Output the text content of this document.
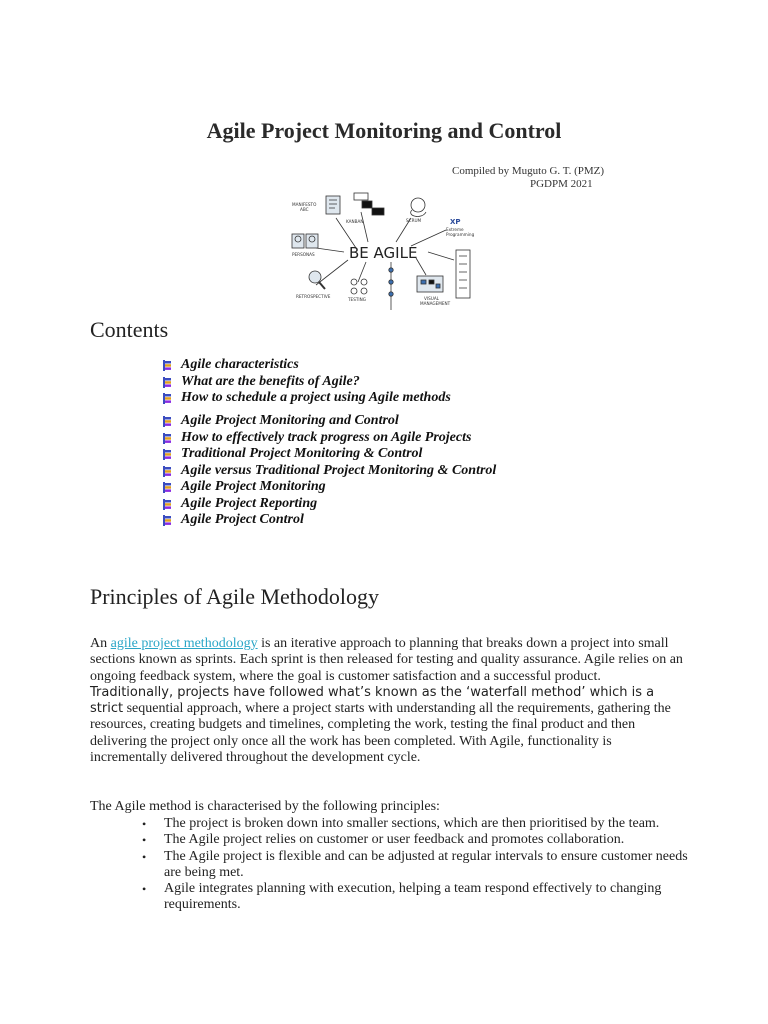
Agile Project Monitoring and Control
Compiled by Muguto G. T. (PMZ)
PGDPM 2021
BE AGILE
MANIFESTO
ABC
KANBAN	SCRUM	XP
Extreme
Programming
PERSONAS
RETROSPECTIVE
TESTING	VISUAL
MANAGEMENT
Contents
Agile characteristics
What are the benefits of Agile?
How to schedule a project using Agile methods
Agile Project Monitoring and Control
How to effectively track progress on Agile Projects
Traditional Project Monitoring & Control
Agile versus Traditional Project Monitoring & Control
Agile Project Monitoring
Agile Project Reporting
Agile Project Control
Principles of Agile Methodology

An agile project methodology is an iterative approach to planning that breaks down a project into small sections known as sprints. Each sprint is then released for testing and quality assurance. Agile relies on an ongoing feedback system, where the goal is customer satisfaction and a successful product.
Traditionally, projects have followed what’s known as the ‘waterfall method’ which is a strict sequential approach, where a project starts with understanding all the requirements, gathering the resources, creating budgets and timelines, completing the work, testing the final product and then delivering the project only once all the work has been completed. With Agile, functionality is incrementally delivered throughout the development cycle.

The Agile method is characterised by the following principles:

• The project is broken down into smaller sections, which are then prioritised by the team.
• The Agile project relies on customer or user feedback and promotes collaboration.
• The Agile project is flexible and can be adjusted at regular intervals to ensure customer needs are being met.
• Agile integrates planning with execution, helping a team respond effectively to changing requirements.
